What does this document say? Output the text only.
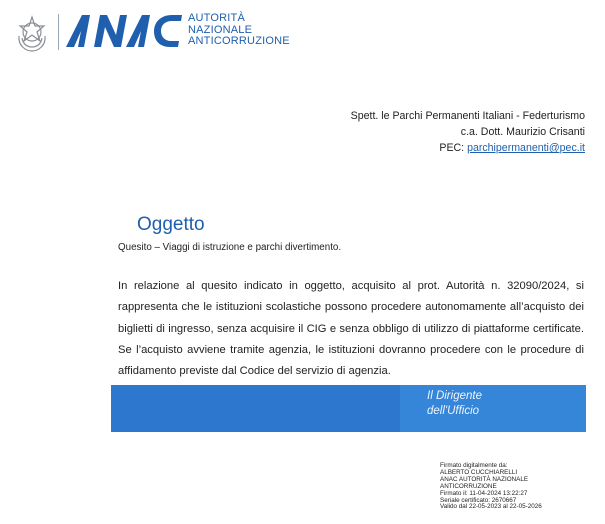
AUTORITÀ
NAZIONALE
ANTICORRUZIONE
Spett. le Parchi Permanenti Italiani - Federturismo
c.a. Dott. Maurizio Crisanti
PEC: parchipermanenti@pec.it
Oggetto
Quesito – Viaggi di istruzione e parchi divertimento.
In relazione al quesito indicato in oggetto, acquisito al prot. Autorità n. 32090/2024, si rappresenta che le istituzioni scolastiche possono procedere autonomamente all’acquisto dei biglietti di ingresso, senza acquisire il CIG e senza obbligo di utilizzo di piattaforme certificate. Se l’acquisto avviene tramite agenzia, le istituzioni dovranno procedere con le procedure di affidamento previste dal Codice del servizio di agenzia.
Il Dirigente
dell'Ufficio
Firmato digitalmente da:
ALBERTO CUCCHIARELLI
ANAC AUTORITÀ NAZIONALE
ANTICORRUZIONE
Firmato il: 11-04-2024 13:22:27
Seriale certificato: 2670667
Valido dal 22-05-2023 al 22-05-2026
